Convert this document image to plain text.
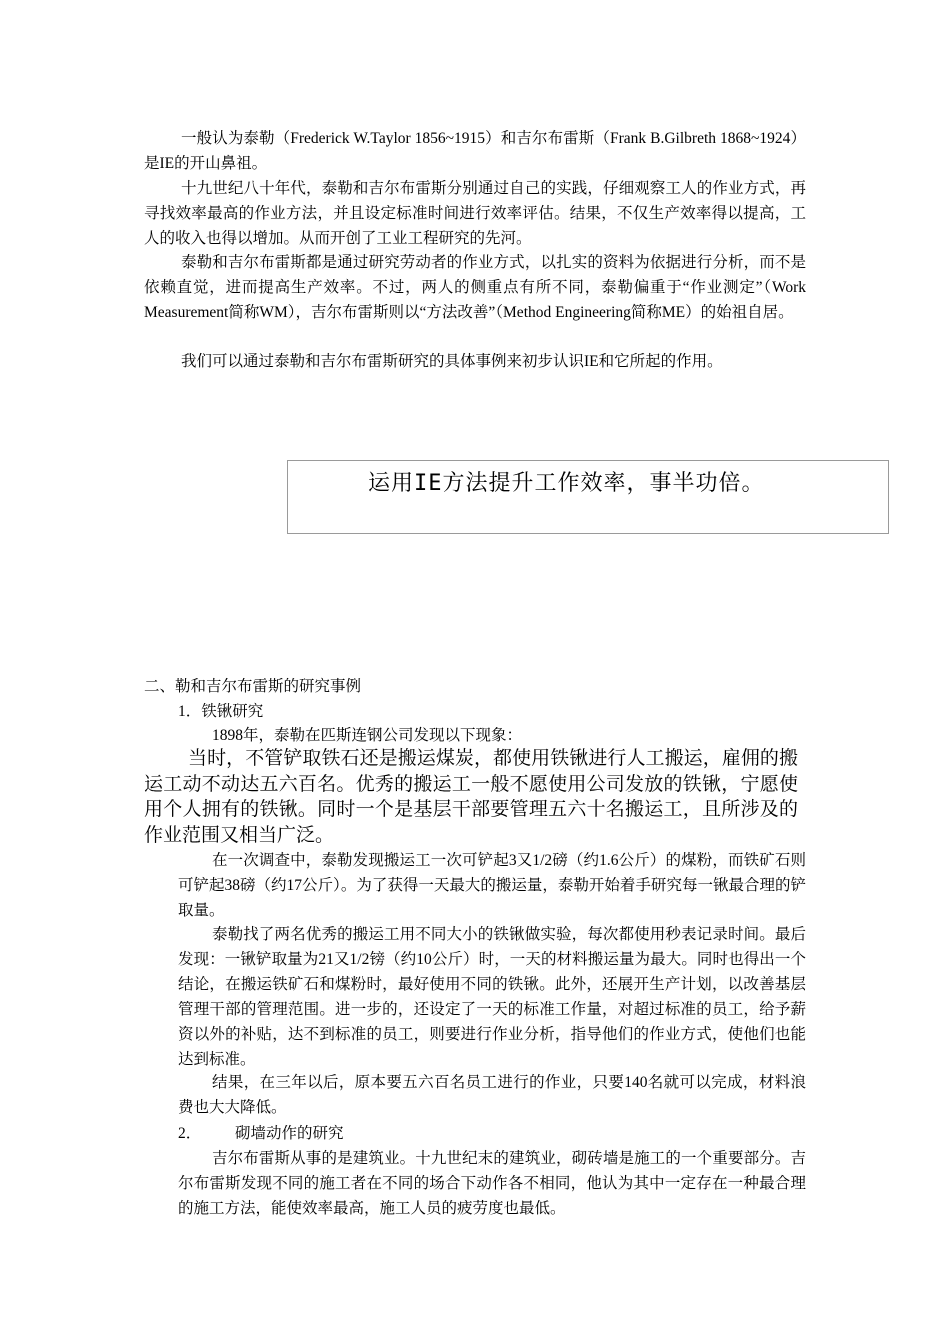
一般认为泰勒（Frederick W.Taylor 1856~1915）和吉尔布雷斯（Frank B.Gilbreth 1868~1924）是IE的开山鼻祖。

十九世纪八十年代，泰勒和吉尔布雷斯分别通过自己的实践，仔细观察工人的作业方式，再寻找效率最高的作业方法，并且设定标准时间进行效率评估。结果，不仅生产效率得以提高，工人的收入也得以增加。从而开创了工业工程研究的先河。

泰勒和吉尔布雷斯都是通过研究劳动者的作业方式，以扎实的资料为依据进行分析，而不是依赖直觉，进而提高生产效率。不过，两人的侧重点有所不同，泰勒偏重于“作业测定”（Work Measurement简称WM），吉尔布雷斯则以“方法改善”（Method Engineering简称ME）的始祖自居。

我们可以通过泰勒和吉尔布雷斯研究的具体事例来初步认识IE和它所起的作用。

运用IE方法提升工作效率，事半功倍。
二、勒和吉尔布雷斯的研究事例
1．铁锹研究
1898年，泰勒在匹斯连钢公司发现以下现象：

当时，不管铲取铁石还是搬运煤炭，都使用铁锹进行人工搬运，雇佣的搬运工动不动达五六百名。优秀的搬运工一般不愿使用公司发放的铁锹，宁愿使用个人拥有的铁锹。同时一个是基层干部要管理五六十名搬运工，且所涉及的作业范围又相当广泛。

在一次调查中，泰勒发现搬运工一次可铲起3又1/2磅（约1.6公斤）的煤粉，而铁矿石则可铲起38磅（约17公斤）。为了获得一天最大的搬运量，泰勒开始着手研究每一锹最合理的铲取量。

泰勒找了两名优秀的搬运工用不同大小的铁锹做实验，每次都使用秒表记录时间。最后发现：一锹铲取量为21又1/2镑（约10公斤）时，一天的材料搬运量为最大。同时也得出一个结论，在搬运铁矿石和煤粉时，最好使用不同的铁锹。此外，还展开生产计划，以改善基层管理干部的管理范围。进一步的，还设定了一天的标准工作量，对超过标准的员工，给予薪资以外的补贴，达不到标准的员工，则要进行作业分析，指导他们的作业方式，使他们也能达到标准。

结果，在三年以后，原本要五六百名员工进行的作业，只要140名就可以完成，材料浪费也大大降低。

2． 砌墙动作的研究

吉尔布雷斯从事的是建筑业。十九世纪末的建筑业，砌砖墙是施工的一个重要部分。吉尔布雷斯发现不同的施工者在不同的场合下动作各不相同，他认为其中一定存在一种最合理的施工方法，能使效率最高，施工人员的疲劳度也最低。
